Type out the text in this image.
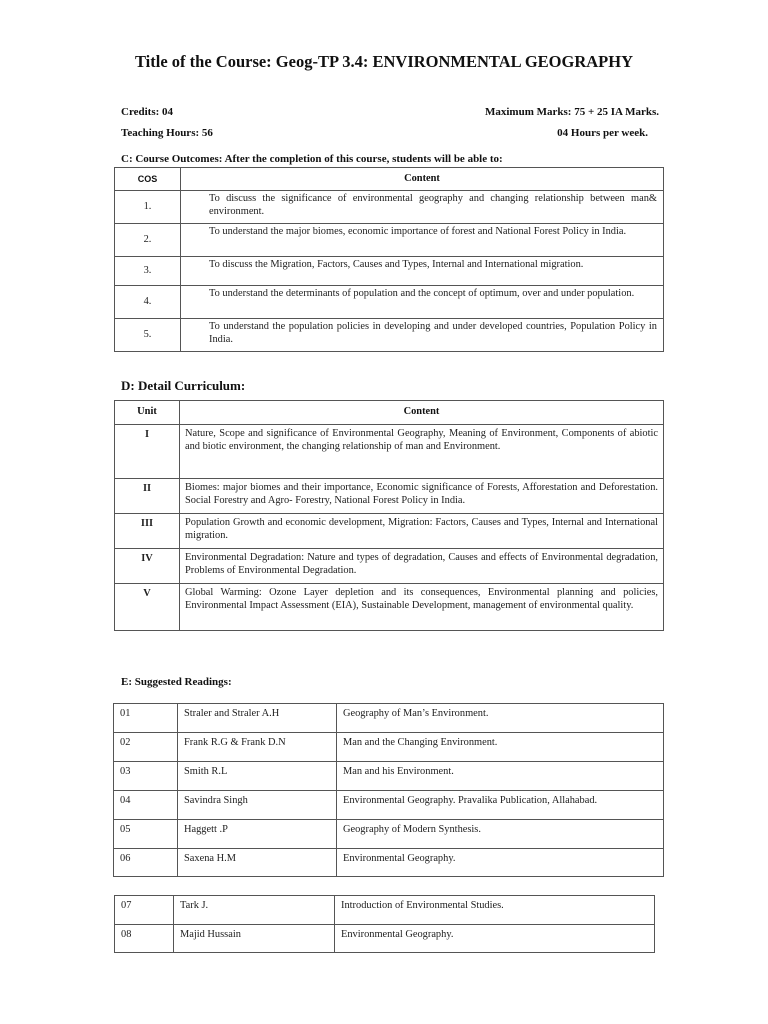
Title of the Course: Geog-TP 3.4: ENVIRONMENTAL GEOGRAPHY
Credits: 04	Maximum Marks: 75 + 25 IA Marks.
Teaching Hours: 56	04 Hours per week.
C: Course Outcomes: After the completion of this course, students will be able to:
COS	Content
1.	To discuss the significance of environmental geography and changing relationship between man& environment.
2.	To understand the major biomes, economic importance of forest and National Forest Policy in India.
3.	To discuss the Migration, Factors, Causes and Types, Internal and International migration.
4.	To understand the determinants of population and the concept of optimum, over and under population.
5.	To understand the population policies in developing and under developed countries, Population Policy in India.
D: Detail Curriculum:
Unit	Content
I	Nature, Scope and significance of Environmental Geography, Meaning of Environment, Components of abiotic and biotic environment, the changing relationship of man and Environment.
II	Biomes: major biomes and their importance, Economic significance of Forests, Afforestation and Deforestation. Social Forestry and Agro- Forestry, National Forest Policy in India.
III	Population Growth and economic development, Migration: Factors, Causes and Types, Internal and International migration.
IV	Environmental Degradation: Nature and types of degradation, Causes and effects of Environmental degradation, Problems of Environmental Degradation.
V	Global Warming: Ozone Layer depletion and its consequences, Environmental planning and policies, Environmental Impact Assessment (EIA), Sustainable Development, management of environmental quality.
E: Suggested Readings:
01	Straler and Straler A.H	Geography of Man’s Environment.
02	Frank R.G & Frank D.N	Man and the Changing Environment.
03	Smith R.L	Man and his Environment.
04	Savindra Singh	Environmental Geography. Pravalika Publication, Allahabad.
05	Haggett .P	Geography of Modern Synthesis.
06	Saxena H.M	Environmental Geography.
07	Tark J.	Introduction of Environmental Studies.
08	Majid Hussain	Environmental Geography.
